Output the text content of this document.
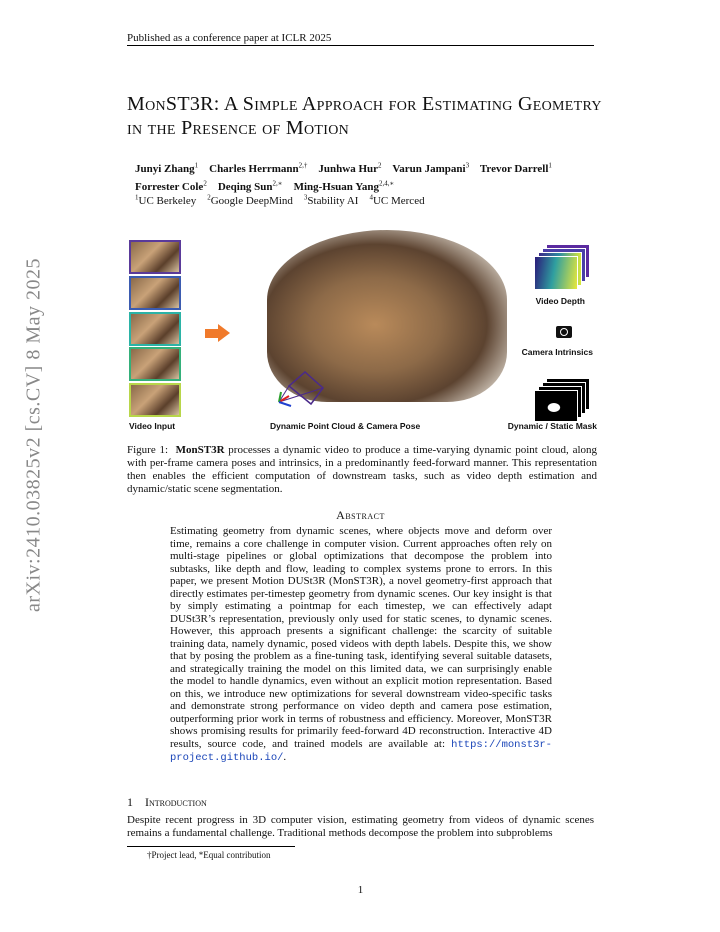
Published as a conference paper at ICLR 2025
arXiv:2410.03825v2 [cs.CV] 8 May 2025
MonST3R: A Simple Approach for Estimating Geometry in the Presence of Motion
Junyi Zhang$^1$ Charles Herrmann$^{2,\dagger}$ Junhwa Hur$^2$ Varun Jampani$^3$ Trevor Darrell$^1$
Forrester Cole$^2$ Deqing Sun$^{2,∗}$ Ming-Hsuan Yang$^{2,4,∗}$
$^1$UC Berkeley $^2$Google DeepMind $^3$Stability AI $^4$UC Merced
Video Input	Dynamic Point Cloud & Camera Pose
Video Depth
Camera Intrinsics
Dynamic / Static Mask
Figure 1: MonST3R processes a dynamic video to produce a time-varying dynamic point cloud, along with per-frame camera poses and intrinsics, in a predominantly feed-forward manner. This representation then enables the efficient computation of downstream tasks, such as video depth estimation and dynamic/static scene segmentation.
Abstract
Estimating geometry from dynamic scenes, where objects move and deform over time, remains a core challenge in computer vision. Current approaches often rely on multi-stage pipelines or global optimizations that decompose the problem into subtasks, like depth and flow, leading to complex systems prone to errors. In this paper, we present Motion DUSt3R (MonST3R), a novel geometry-first approach that directly estimates per-timestep geometry from dynamic scenes. Our key insight is that by simply estimating a pointmap for each timestep, we can effectively adapt DUSt3R’s representation, previously only used for static scenes, to dynamic scenes. However, this approach presents a significant challenge: the scarcity of suitable training data, namely dynamic, posed videos with depth labels. Despite this, we show that by posing the problem as a fine-tuning task, identifying several suitable datasets, and strategically training the model on this limited data, we can surprisingly enable the model to handle dynamics, even without an explicit motion representation. Based on this, we introduce new optimizations for several downstream video-specific tasks and demonstrate strong performance on video depth and camera pose estimation, outperforming prior work in terms of robustness and efficiency. Moreover, MonST3R shows promising results for primarily feed-forward 4D reconstruction. Interactive 4D results, source code, and trained models are available at: https://monst3r-project.github.io/.
1 Introduction
Despite recent progress in 3D computer vision, estimating geometry from videos of dynamic scenes remains a fundamental challenge. Traditional methods decompose the problem into subproblems
†Project lead, *Equal contribution
1
